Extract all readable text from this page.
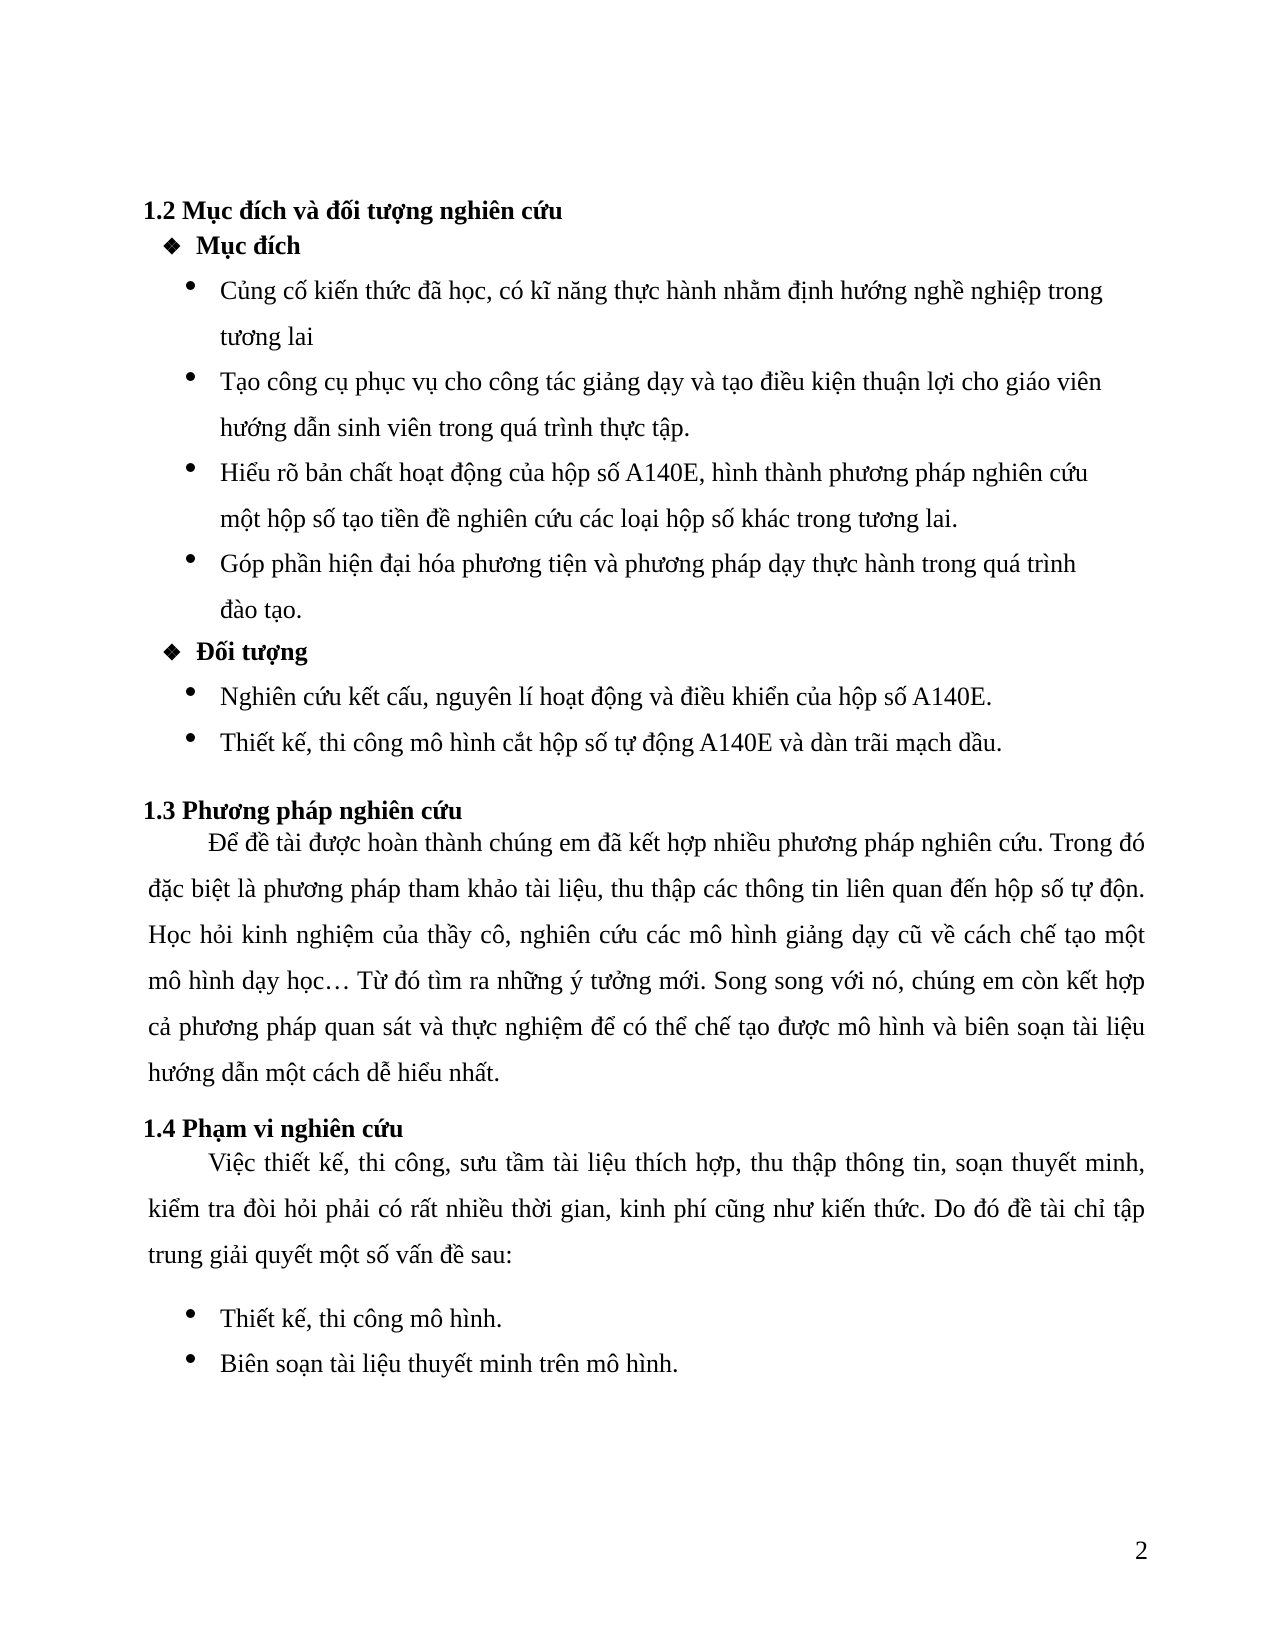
1.2 Mục đích và đối tượng nghiên cứu
❖ Mục đích
Củng cố kiến thức đã học, có kĩ năng thực hành nhằm định hướng nghề nghiệp trong tương lai
Tạo công cụ phục vụ cho công tác giảng dạy và tạo điều kiện thuận lợi cho giáo viên hướng dẫn sinh viên trong quá trình thực tập.
Hiểu rõ bản chất hoạt động của hộp số A140E, hình thành phương pháp nghiên cứu một hộp số tạo tiền đề nghiên cứu các loại hộp số khác trong tương lai.
Góp phần hiện đại hóa phương tiện và phương pháp dạy thực hành trong quá trình đào tạo.
❖ Đối tượng
Nghiên cứu kết cấu, nguyên lí hoạt động và điều khiển của hộp số A140E.
Thiết kế, thi công mô hình cắt hộp số tự động A140E và dàn trãi mạch dầu.
1.3 Phương pháp nghiên cứu
Để đề tài được hoàn thành chúng em đã kết hợp nhiều phương pháp nghiên cứu. Trong đó đặc biệt là phương pháp tham khảo tài liệu, thu thập các thông tin liên quan đến hộp số tự độn. Học hỏi kinh nghiệm của thầy cô, nghiên cứu các mô hình giảng dạy cũ về cách chế tạo một mô hình dạy học… Từ đó tìm ra những ý tưởng mới. Song song với nó, chúng em còn kết hợp cả phương pháp quan sát và thực nghiệm để có thể chế tạo được mô hình và biên soạn tài liệu hướng dẫn một cách dễ hiểu nhất.
1.4 Phạm vi nghiên cứu
Việc thiết kế, thi công, sưu tầm tài liệu thích hợp, thu thập thông tin, soạn thuyết minh, kiểm tra đòi hỏi phải có rất nhiều thời gian, kinh phí cũng như kiến thức. Do đó đề tài chỉ tập trung giải quyết một số vấn đề sau:
Thiết kế, thi công mô hình.
Biên soạn tài liệu thuyết minh trên mô hình.
2
